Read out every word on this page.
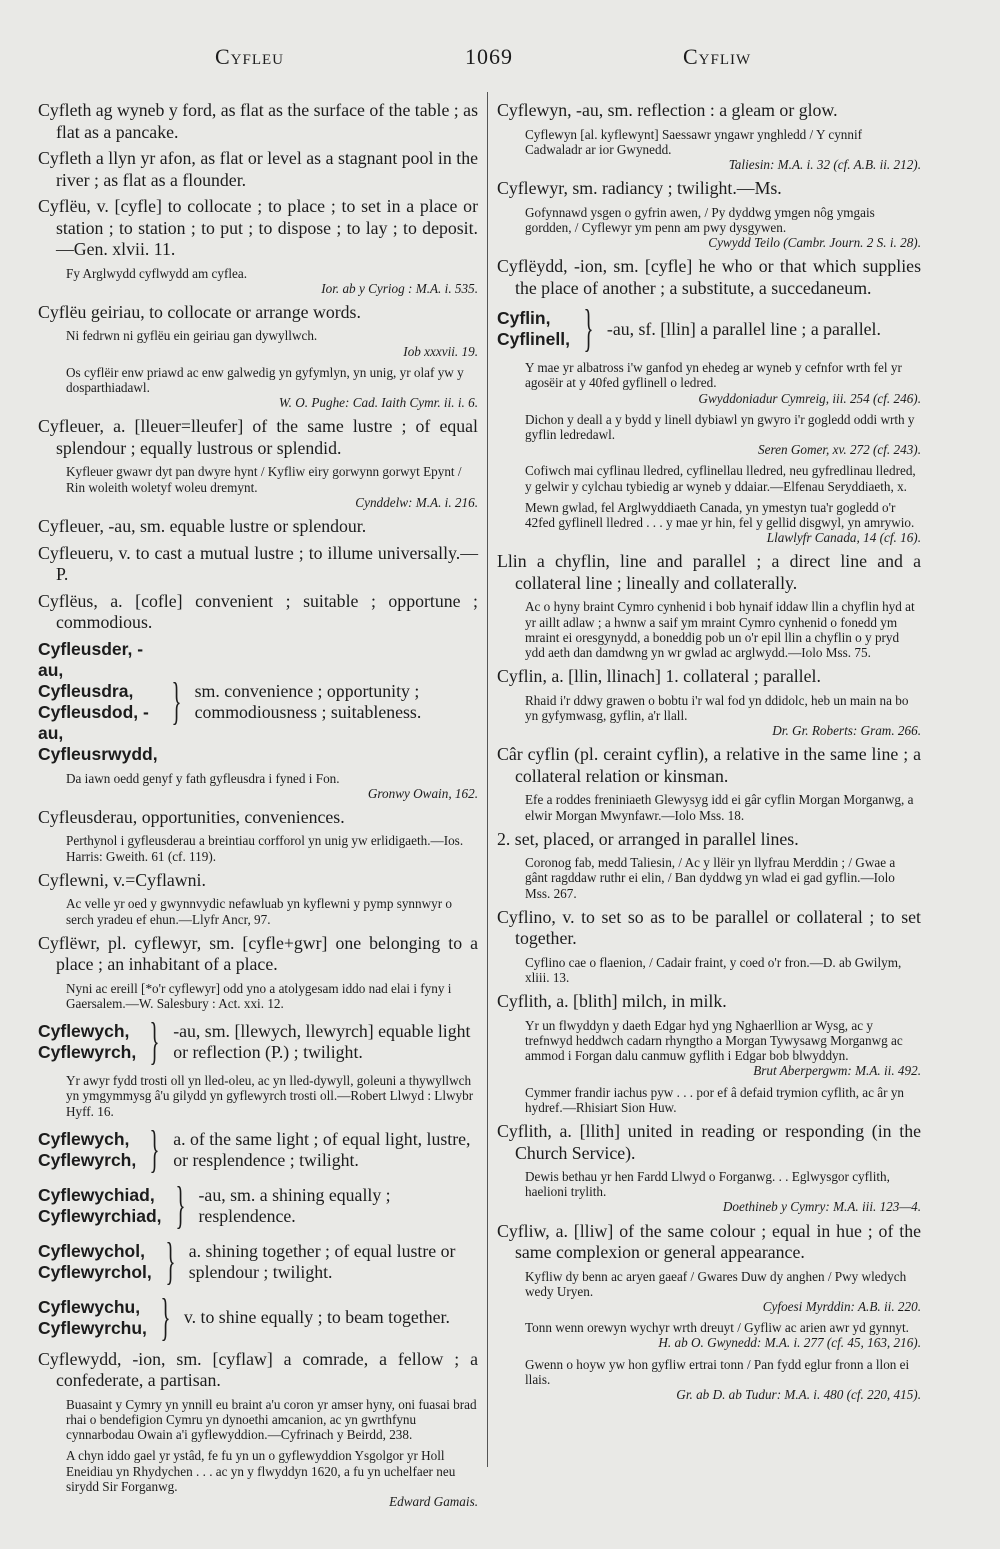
Cyfleu	1069	Cyfliw

Cyfleth ag wyneb y ford, as flat as the surface of the table ; as flat as a pancake.

Cyfleth a llyn yr afon, as flat or level as a stagnant pool in the river ; as flat as a flounder.

Cyflëu, v. [cyfle] to collocate ; to place ; to set in a place or station ; to station ; to put ; to dispose ; to lay ; to deposit.—Gen. xlvii. 11.

Fy Arglwydd cyflwydd am cyflea.
Ior. ab y Cyriog : M.A. i. 535.

Cyflëu geiriau, to collocate or arrange words.

Ni fedrwn ni gyflëu ein geiriau gan dywyllwch.
Iob xxxvii. 19.
Os cyflëir enw priawd ac enw galwedig yn gyfymlyn, yn unig, yr olaf yw y dosparthiadawl.
W. O. Pughe: Cad. Iaith Cymr. ii. i. 6.

Cyfleuer, a. [lleuer=lleufer] of the same lustre ; of equal splendour ; equally lustrous or splendid.

Kyfleuer gwawr dyt pan dwyre hynt / Kyfliw eiry gorwynn gorwyt Epynt / Rin woleith woletyf woleu dremynt.
Cynddelw: M.A. i. 216.

Cyfleuer, -au, sm. equable lustre or splendour.

Cyfleueru, v. to cast a mutual lustre ; to illume universally.—P.

Cyflëus, a. [cofle] convenient ; suitable ; opportune ; commodious.

Cyfleusder, -au,
Cyfleusdra,
Cyfleusdod, -au,
Cyfleusrwydd,
} sm. convenience ; opportunity ; commodiousness ; suitableness.
Da iawn oedd genyf y fath gyfleusdra i fyned i Fon.
Gronwy Owain, 162.

Cyfleusderau, opportunities, conveniences.

Perthynol i gyfleusderau a breintiau corfforol yn unig yw erlidigaeth.—Ios. Harris: Gweith. 61 (cf. 119).

Cyflewni, v.=Cyflawni.

Ac velle yr oed y gwynnvydic nefawluab yn kyflewni y pymp synnwyr o serch yradeu ef ehun.—Llyfr Ancr, 97.

Cyflëwr, pl. cyflewyr, sm. [cyfle+gwr] one belonging to a place ; an inhabitant of a place.

Nyni ac ereill [*o'r cyflewyr] odd yno a atolygesam iddo nad elai i fyny i Gaersalem.—W. Salesbury : Act. xxi. 12.
Cyflewych,
Cyflewyrch, } -au, sm. [llewych, llewyrch] equable light or reflection (P.) ; twilight.
Yr awyr fydd trosti oll yn lled-oleu, ac yn lled-dywyll, goleuni a thywyllwch yn ymgymmysg â'u gilydd yn gyflewyrch trosti oll.—Robert Llwyd : Llwybr Hyff. 16.
Cyflewych,
Cyflewyrch, } a. of the same light ; of equal light, lustre, or resplendence ; twilight.
Cyflewychiad,
Cyflewyrchiad, } -au, sm. a shining equally ; resplendence.
Cyflewychol,
Cyflewyrchol, } a. shining together ; of equal lustre or splendour ; twilight.
Cyflewychu,
Cyflewyrchu, } v. to shine equally ; to beam together.

Cyflewydd, -ion, sm. [cyflaw] a comrade, a fellow ; a confederate, a partisan.

Buasaint y Cymry yn ynnill eu braint a'u coron yr amser hyny, oni fuasai brad rhai o bendefigion Cymru yn dynoethi amcanion, ac yn gwrthfynu cynnarbodau Owain a'i gyflewyddion.—Cyfrinach y Beirdd, 238.
A chyn iddo gael yr ystâd, fe fu yn un o gyflewyddion Ysgolgor yr Holl Eneidiau yn Rhydychen . . . ac yn y flwyddyn 1620, a fu yn uchelfaer neu sirydd Sir Forganwg.
Edward Gamais.

Cyflewyn, -au, sm. reflection : a gleam or glow.

Cyflewyn [al. kyflewynt] Saessawr yngawr ynghledd / Y cynnif Cadwaladr ar ior Gwynedd.
Taliesin: M.A. i. 32 (cf. A.B. ii. 212).

Cyflewyr, sm. radiancy ; twilight.—Ms.

Gofynnawd ysgen o gyfrin awen, / Py dyddwg ymgen nôg ymgais gordden, / Cyflewyr ym penn am pwy dysgywen.
Cywydd Teilo (Cambr. Journ. 2 S. i. 28).

Cyflëydd, -ion, sm. [cyfle] he who or that which supplies the place of another ; a substitute, a succedaneum.

Cyflin,
Cyflinell, } -au, sf. [llin] a parallel line ; a parallel.
Y mae yr albatross i'w ganfod yn ehedeg ar wyneb y cefnfor wrth fel yr agosëir at y 40fed gyflinell o ledred.
Gwyddoniadur Cymreig, iii. 254 (cf. 246).
Dichon y deall a y bydd y linell dybiawl yn gwyro i'r gogledd oddi wrth y gyflin ledredawl.
Seren Gomer, xv. 272 (cf. 243).
Cofiwch mai cyflinau lledred, cyflinellau lledred, neu gyfredlinau lledred, y gelwir y cylchau tybiedig ar wyneb y ddaiar.—Elfenau Seryddiaeth, x.
Mewn gwlad, fel Arglwyddiaeth Canada, yn ymestyn tua'r gogledd o'r 42fed gyflinell lledred . . . y mae yr hin, fel y gellid disgwyl, yn amrywio.
Llawlyfr Canada, 14 (cf. 16).

Llin a chyflin, line and parallel ; a direct line and a collateral line ; lineally and collaterally.

Ac o hyny braint Cymro cynhenid i bob hynaif iddaw llin a chyflin hyd at yr aillt adlaw ; a hwnw a saif ym mraint Cymro cynhenid o fonedd ym mraint ei oresgynydd, a boneddig pob un o'r epil llin a chyflin o y pryd ydd aeth dan damdwng yn wr gwlad ac arglwydd.—Iolo Mss. 75.

Cyflin, a. [llin, llinach] 1. collateral ; parallel.

Rhaid i'r ddwy grawen o bobtu i'r wal fod yn ddidolc, heb un main na bo yn gyfymwasg, gyflin, a'r llall.
Dr. Gr. Roberts: Gram. 266.

Câr cyflin (pl. ceraint cyflin), a relative in the same line ; a collateral relation or kinsman.

Efe a roddes freniniaeth Glewysyg idd ei gâr cyflin Morgan Morganwg, a elwir Morgan Mwynfawr.—Iolo Mss. 18.

2. set, placed, or arranged in parallel lines.

Coronog fab, medd Taliesin, / Ac y llëir yn llyfrau Merddin ; / Gwae a gânt ragddaw ruthr ei elin, / Ban dyddwg yn wlad ei gad gyflin.—Iolo Mss. 267.

Cyflino, v. to set so as to be parallel or collateral ; to set together.

Cyflino cae o flaenion, / Cadair fraint, y coed o'r fron.—D. ab Gwilym, xliii. 13.

Cyflith, a. [blith] milch, in milk.

Yr un flwyddyn y daeth Edgar hyd yng Nghaerllion ar Wysg, ac y trefnwyd heddwch cadarn rhyngtho a Morgan Tywysawg Morganwg ac ammod i Forgan dalu canmuw gyflith i Edgar bob blwyddyn.
Brut Aberpergwm: M.A. ii. 492.
Cymmer frandir iachus pyw . . . por ef â defaid trymion cyflith, ac âr yn hydref.—Rhisiart Sion Huw.

Cyflith, a. [llith] united in reading or responding (in the Church Service).

Dewis bethau yr hen Fardd Llwyd o Forganwg. . . Eglwysgor cyflith, haelioni trylith.
Doethineb y Cymry: M.A. iii. 123—4.

Cyfliw, a. [lliw] of the same colour ; equal in hue ; of the same complexion or general appearance.

Kyfliw dy benn ac aryen gaeaf / Gwares Duw dy anghen / Pwy wledych wedy Uryen.
Cyfoesi Myrddin: A.B. ii. 220.
Tonn wenn orewyn wychyr wrth dreuyt / Gyfliw ac arien awr yd gynnyt.
H. ab O. Gwynedd: M.A. i. 277 (cf. 45, 163, 216).
Gwenn o hoyw yw hon gyfliw ertrai tonn / Pan fydd eglur fronn a llon ei llais.
Gr. ab D. ab Tudur: M.A. i. 480 (cf. 220, 415).
